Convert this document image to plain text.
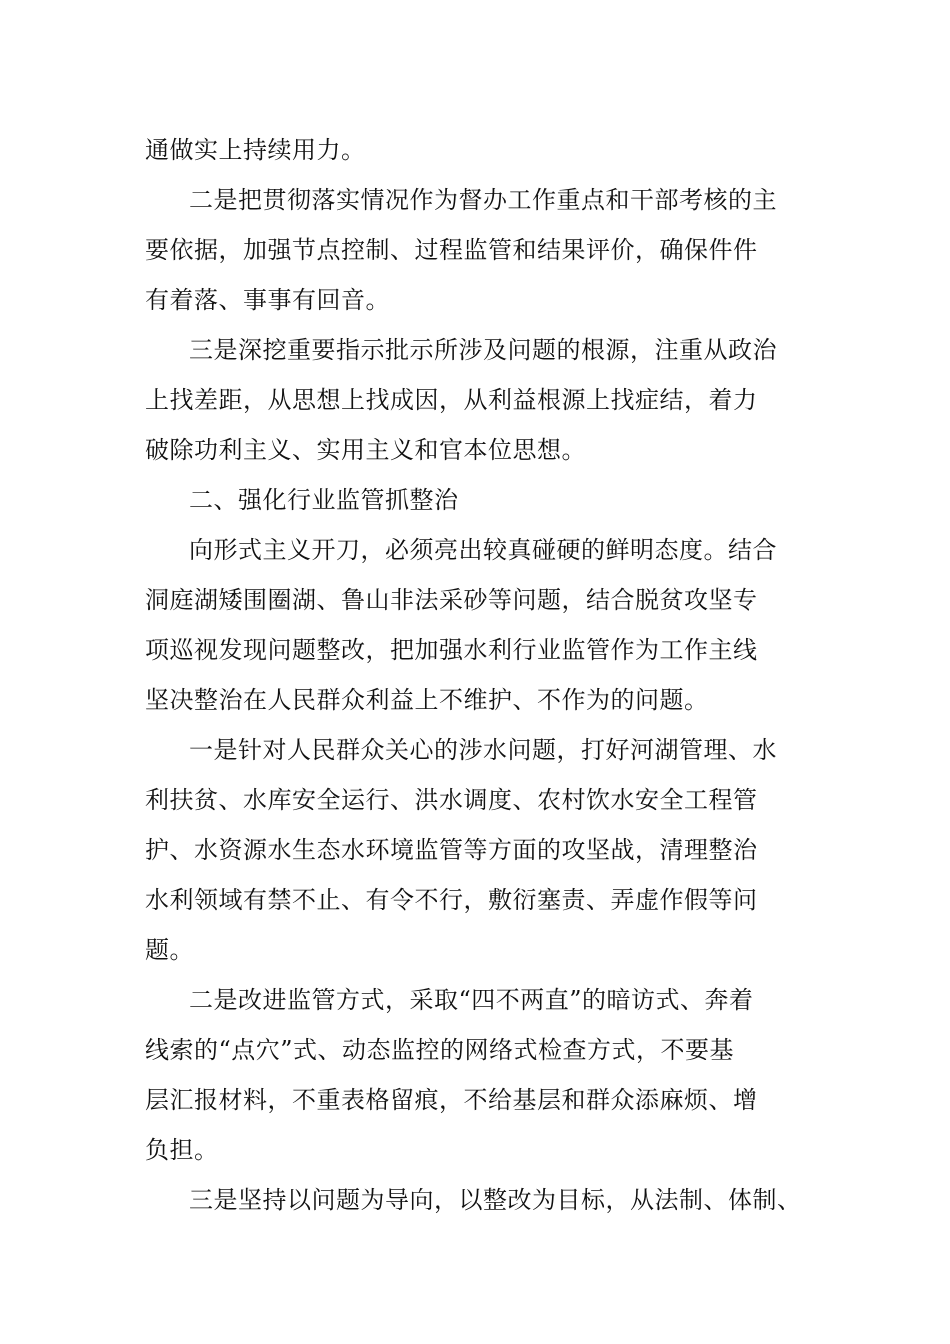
通做实上持续用力。
二是把贯彻落实情况作为督办工作重点和干部考核的主
要依据，加强节点控制、过程监管和结果评价，确保件件
有着落、事事有回音。
三是深挖重要指示批示所涉及问题的根源，注重从政治
上找差距，从思想上找成因，从利益根源上找症结，着力
破除功利主义、实用主义和官本位思想。
二、强化行业监管抓整治
向形式主义开刀，必须亮出较真碰硬的鲜明态度。结合
洞庭湖矮围圈湖、鲁山非法采砂等问题，结合脱贫攻坚专
项巡视发现问题整改，把加强水利行业监管作为工作主线
坚决整治在人民群众利益上不维护、不作为的问题。
一是针对人民群众关心的涉水问题，打好河湖管理、水
利扶贫、水库安全运行、洪水调度、农村饮水安全工程管
护、水资源水生态水环境监管等方面的攻坚战，清理整治
水利领域有禁不止、有令不行，敷衍塞责、弄虚作假等问
题。
二是改进监管方式，采取“四不两直”的暗访式、奔着
线索的“点穴”式、动态监控的网络式检查方式，不要基
层汇报材料，不重表格留痕，不给基层和群众添麻烦、增
负担。
三是坚持以问题为导向，以整改为目标，从法制、体制、
